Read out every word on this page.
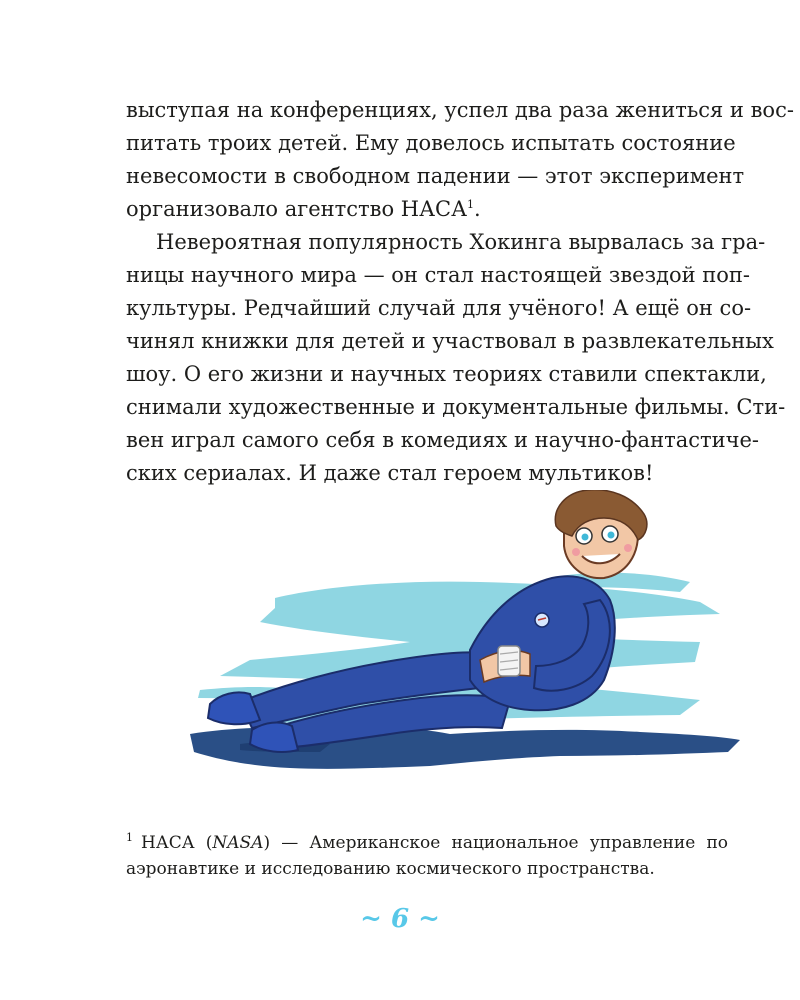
выступая на конференциях, успел два раза жениться и вос-
питать троих детей. Ему довелось испытать состояние
невесомости в свободном падении — этот эксперимент
организовало агентство НАСА$^1$.
Невероятная популярность Хокинга вырвалась за гра-
ницы научного мира — он стал настоящей звездой поп-
культуры. Редчайший случай для учёного! А ещё он со-
чинял книжки для детей и участвовал в развлекательных
шоу. О его жизни и научных теориях ставили спектакли,
снимали художественные и документальные фильмы. Сти-
вен играл самого себя в комедиях и научно-фантастиче-
ских сериалах. И даже стал героем мультиков!
$^1$ НАСА (NASA) — Американское национальное управление по
аэронавтике и исследованию космического пространства.
~ 6 ~
